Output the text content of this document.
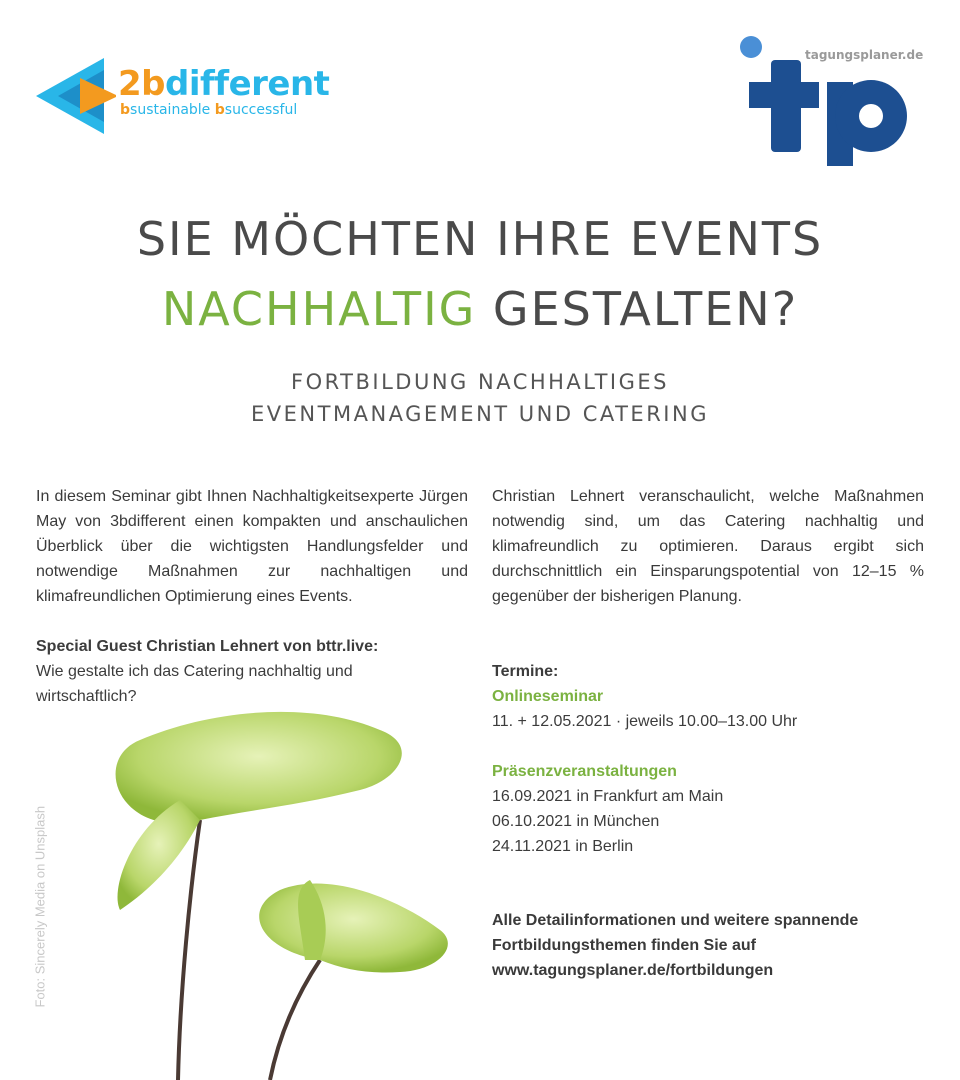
2bdifferent
bsustainable bsuccessful
tagungsplaner.de
SIE MÖCHTEN IHRE EVENTS
NACHHALTIG GESTALTEN?
FORTBILDUNG NACHHALTIGES
EVENTMANAGEMENT UND CATERING
In diesem Seminar gibt Ihnen Nachhaltigkeitsexperte Jürgen May von 3bdifferent einen kompakten und anschaulichen Überblick über die wichtigsten Handlungsfelder und notwendige Maßnahmen zur nachhaltigen und klimafreundlichen Optimierung eines Events.
Christian Lehnert veranschaulicht, welche Maßnahmen notwendig sind, um das Catering nachhaltig und klimafreundlich zu optimieren. Daraus ergibt sich durchschnittlich ein Einsparungspotential von 12–15 % gegenüber der bisherigen Planung.
Special Guest Christian Lehnert von bttr.live:
Wie gestalte ich das Catering nachhaltig und
wirtschaftlich?
Termine:
Onlineseminar
11. + 12.05.2021 · jeweils 10.00–13.00 Uhr
Präsenzveranstaltungen
16.09.2021 in Frankfurt am Main
06.10.2021 in München
24.11.2021 in Berlin
Alle Detailinformationen und weitere spannende
Fortbildungsthemen finden Sie auf
www.tagungsplaner.de/fortbildungen
Foto: Sincerely Media on Unsplash
